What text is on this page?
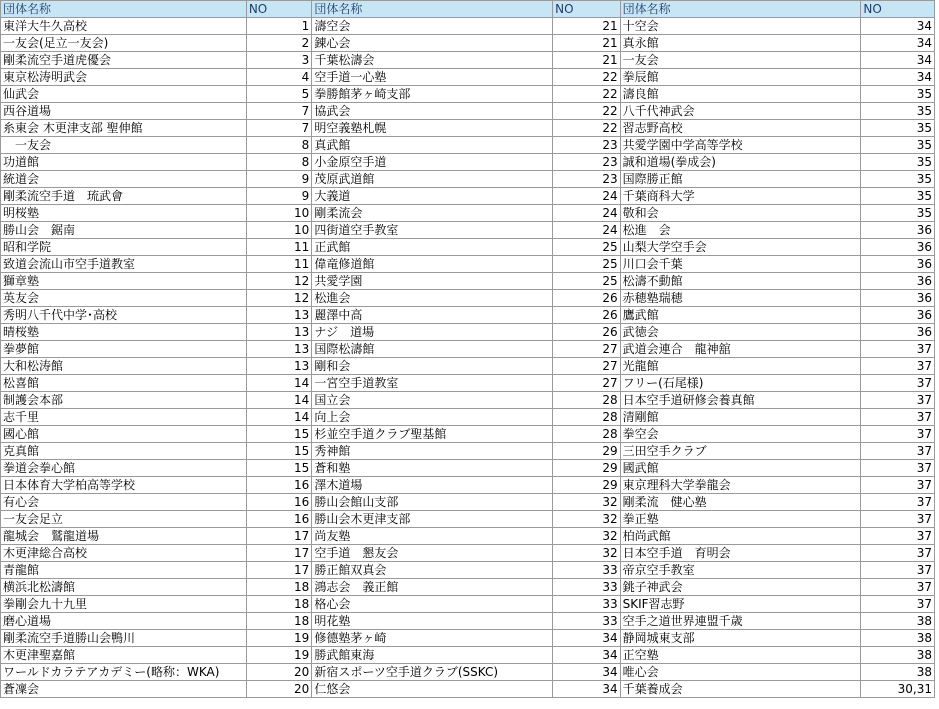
団体名称	NO	団体名称	NO	団体名称	NO
東洋大牛久高校	1	濤空会	21	十空会	34
一友会(足立一友会)	2	錬心会	21	真永館	34
剛柔流空手道虎優会	3	千葉松濤会	21	一友会	34
東京松涛明武会	4	空手道一心塾	22	拳辰館	34
仙武会	5	拳勝館茅ヶ崎支部	22	濤良館	35
西谷道場	7	協武会	22	八千代神武会	35
糸東会 木更津支部 聖伸館	7	明空義塾札幌	22	習志野高校	35
　一友会	8	真武館	23	共愛学園中学高等学校	35
功道館	8	小金原空手道	23	誠和道場(拳成会)	35
統道会	9	茂原武道館	23	国際勝正館	35
剛柔流空手道　琉武會	9	大義道	24	千葉商科大学	35
明桜塾	10	剛柔流会	24	敬和会	35
勝山会　鋸南	10	四街道空手教室	24	松進　会	36
昭和学院	11	正武館	25	山梨大学空手会	36
致道会流山市空手道教室	11	偉竜修道館	25	川口会千葉	36
獅章塾	12	共愛学園	25	松濤不動館	36
英友会	12	松進会	26	赤穂塾瑞穂	36
秀明八千代中学･高校	13	麗澤中高	26	鷹武館	36
晴桜塾	13	ナジ　道場	26	武徳会	36
拳夢館	13	国際松濤館	27	武道会連合　龍神舘	37
大和松涛館	13	剛和会	27	光龍館	37
松喜館	14	一宮空手道教室	27	フリー(石尾様)	37
制護会本部	14	国立会	28	日本空手道研修会養真館	37
志千里	14	向上会	28	清剛館	37
國心館	15	杉並空手道クラブ聖基館	28	拳空会	37
克真館	15	秀神館	29	三田空手クラブ	37
拳道会拳心館	15	蒼和塾	29	國武館	37
日本体育大学柏高等学校	16	澤木道場	29	東京理科大学拳龍会	37
有心会	16	勝山会館山支部	32	剛柔流　健心塾	37
一友会足立	16	勝山会木更津支部	32	拳正塾	37
龍城会　鷲龍道場	17	尚友塾	32	柏尚武館	37
木更津総合高校	17	空手道　懇友会	32	日本空手道　育明会	37
青龍館	17	勝正館双真会	33	帝京空手教室	37
横浜北松濤館	18	鴻志会　義正館	33	銚子神武会	37
拳剛会九十九里	18	格心会	33	SKIF習志野	37
磨心道場	18	明花塾	33	空手之道世界連盟千歳	38
剛柔流空手道勝山会鴨川	19	修德塾茅ヶ崎	34	静岡城東支部	38
木更津聖嘉館	19	勝武館東海	34	正空塾	38
ワールドカラテアカデミー(略称：WKA)	20	新宿スポーツ空手道クラブ(SSKC)	34	唯心会	38
蒼凜会	20	仁悠会	34	千葉養成会	30,31
